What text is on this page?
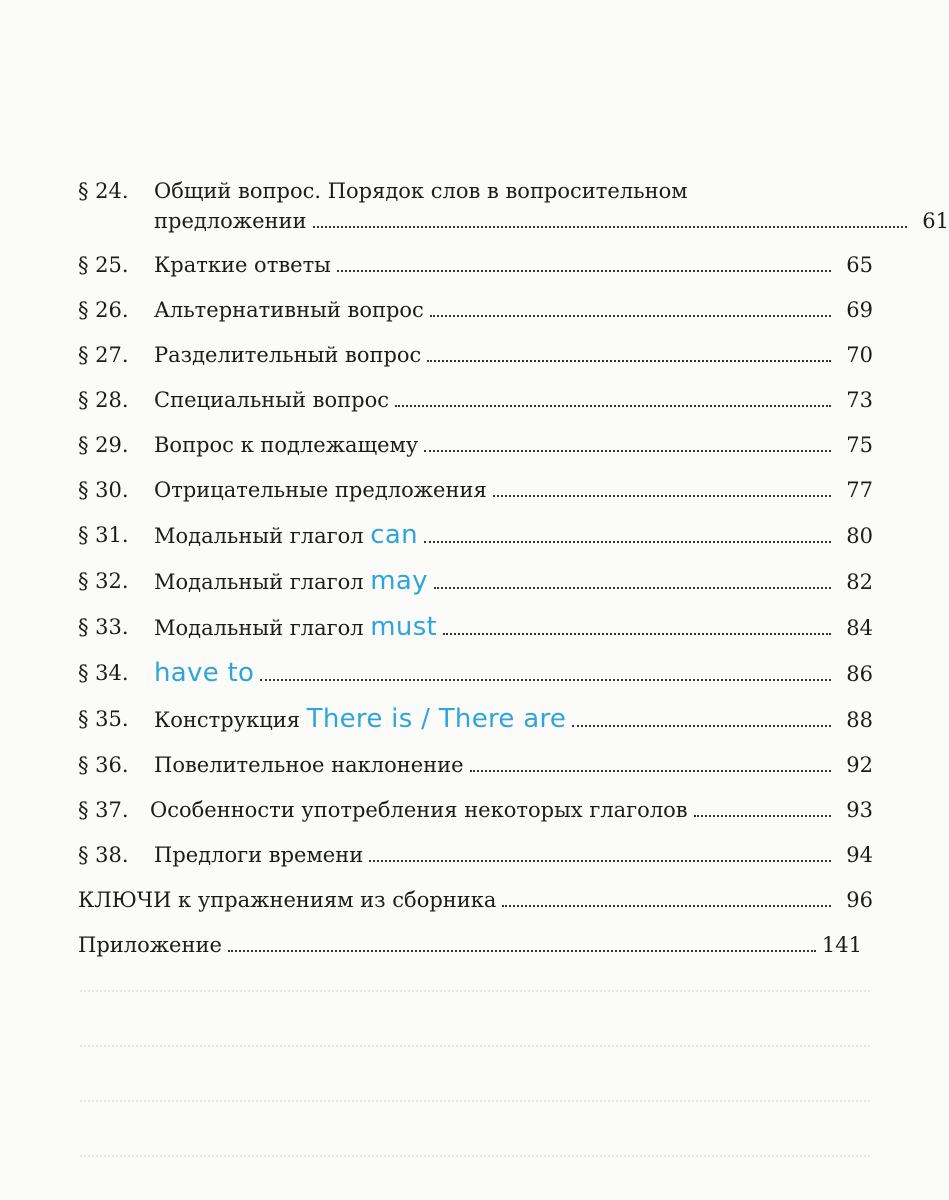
§ 24. Общий вопрос. Порядок слов в вопросительном
предложении	61
§ 25. Краткие ответы	65
§ 26. Альтернативный вопрос	69
§ 27. Разделительный вопрос	70
§ 28. Специальный вопрос	73
§ 29. Вопрос к подлежащему	75
§ 30. Отрицательные предложения	77
§ 31. Модальный глагол
can	80
§ 32. Модальный глагол
may	82
§ 33. Модальный глагол
must	84
§ 34. have to	86
§ 35. Конструкция
There is / There are	88
§ 36. Повелительное наклонение	92
§ 37. Особенности употребления некоторых глаголов	93
§ 38. Предлоги времени	94
КЛЮЧИ к упражнениям из сборника	96
Приложение	141
